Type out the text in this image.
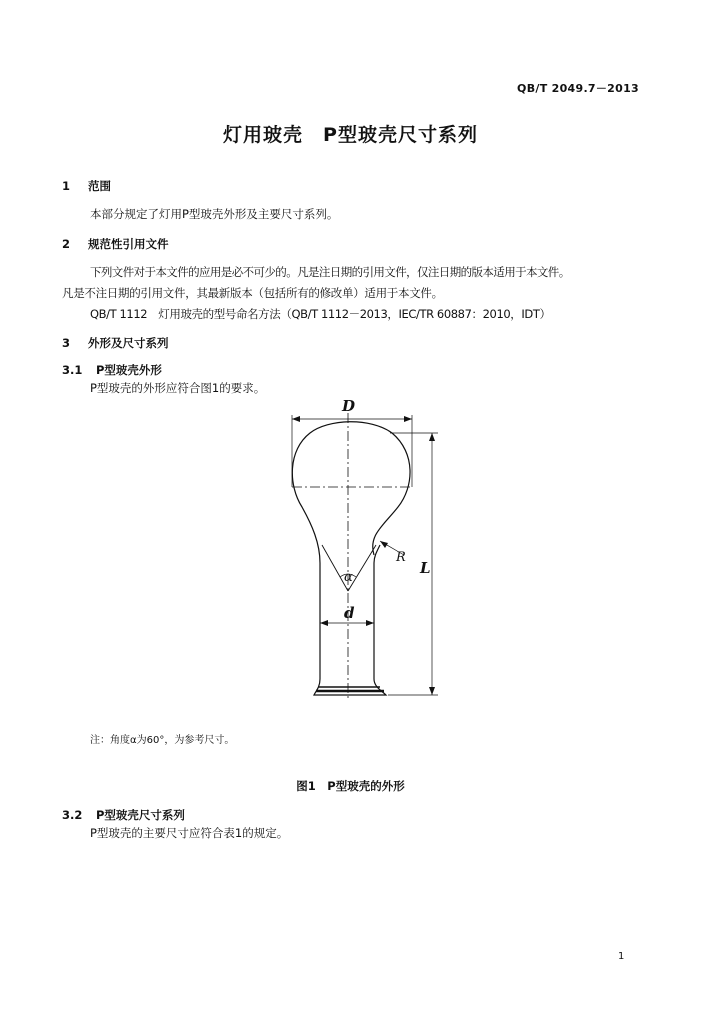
QB/T 2049.7－2013
灯用玻壳　P型玻壳尺寸系列
1 范围
本部分规定了灯用P型玻壳外形及主要尺寸系列。
2 规范性引用文件
下列文件对于本文件的应用是必不可少的。凡是注日期的引用文件，仅注日期的版本适用于本文件。
凡是不注日期的引用文件，其最新版本（包括所有的修改单）适用于本文件。
QB/T 1112　灯用玻壳的型号命名方法（QB/T 1112－2013，IEC/TR 60887：2010，IDT）
3 外形及尺寸系列
3.1 P型玻壳外形
P型玻壳的外形应符合图1的要求。
D
L
R
α
d
注：角度α为60°，为参考尺寸。
图1　P型玻壳的外形
3.2 P型玻壳尺寸系列
P型玻壳的主要尺寸应符合表1的规定。
1
